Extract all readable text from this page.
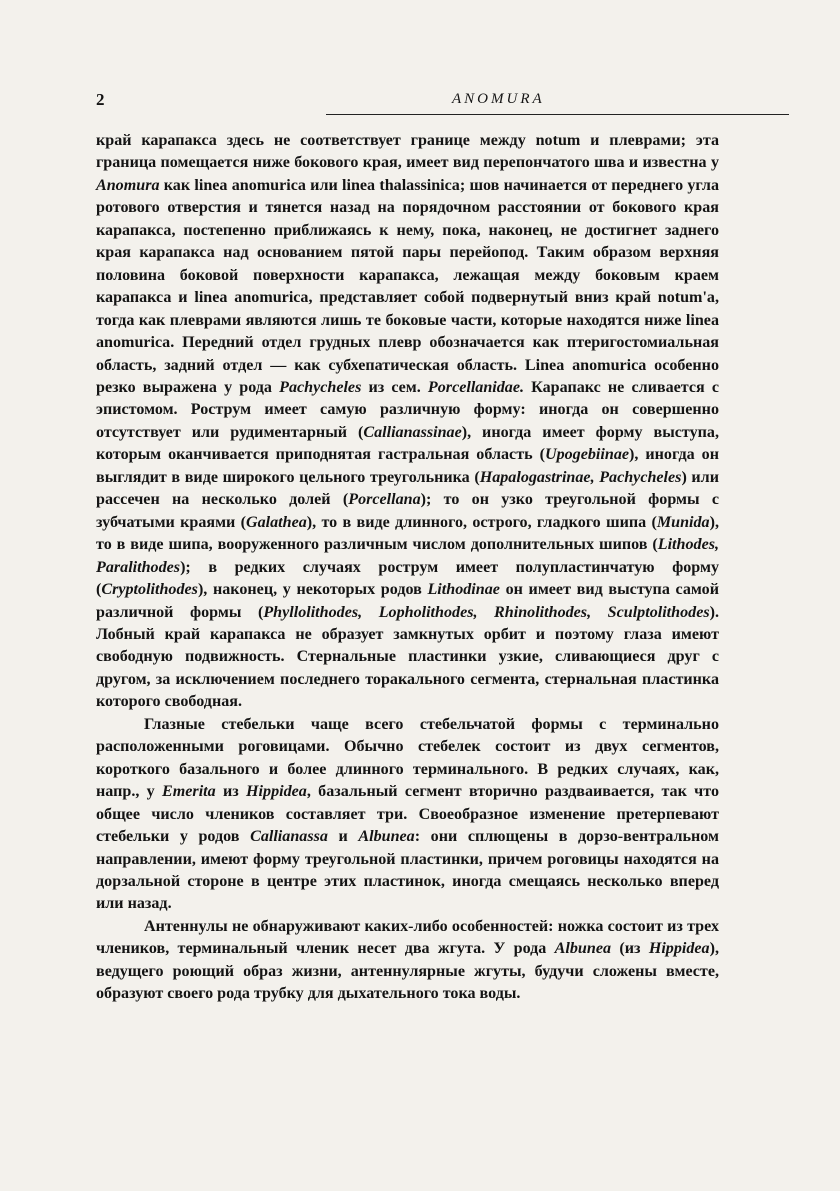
2	ANOMURA

край карапакса здесь не соответствует границе между notum и плеврами; эта граница помещается ниже бокового края, имеет вид перепончатого шва и известна у Anomura как linea anomurica или linea thalassinica; шов начинается от переднего угла ротового отверстия и тянется назад на порядочном расстоянии от бокового края карапакса, постепенно приближаясь к нему, пока, наконец, не достигнет заднего края карапакса над основанием пятой пары перейопод. Таким образом верхняя половина боковой поверхности карапакса, лежащая между боковым краем карапакса и linea anomurica, представляет собой подвернутый вниз край notum'а, тогда как плеврами являются лишь те боковые части, которые находятся ниже linea anomurica. Передний отдел грудных плевр обозначается как птеригостомиальная область, задний отдел — как субхепатическая область. Linea anomurica особенно резко выражена у рода Pachycheles из сем. Porcellanidae. Карапакс не сливается с эпистомом. Рострум имеет самую различную форму: иногда он совершенно отсутствует или рудиментарный (Callianassinae), иногда имеет форму выступа, которым оканчивается приподнятая гастральная область (Upogebiinae), иногда он выглядит в виде широкого цельного треугольника (Hapalogastrinae, Pachycheles) или рассечен на несколько долей (Porcellana); то он узко треугольной формы с зубчатыми краями (Galathea), то в виде длинного, острого, гладкого шипа (Munida), то в виде шипа, вооруженного различным числом дополнительных шипов (Lithodes, Paralithodes); в редких случаях рострум имеет полупластинчатую форму (Cryptolithodes), наконец, у некоторых родов Lithodinae он имеет вид выступа самой различной формы (Phyllolithodes, Lopholithodes, Rhinolithodes, Sculptolithodes). Лобный край карапакса не образует замкнутых орбит и поэтому глаза имеют свободную подвижность. Стернальные пластинки узкие, сливающиеся друг с другом, за исключением последнего торакального сегмента, стернальная пластинка которого свободная.

Глазные стебельки чаще всего стебельчатой формы с терминально расположенными роговицами. Обычно стебелек состоит из двух сегментов, короткого базального и более длинного терминального. В редких случаях, как, напр., у Emerita из Hippidea, базальный сегмент вторично раздваивается, так что общее число члеников составляет три. Своеобразное изменение претерпевают стебельки у родов Callianassa и Albunea: они сплющены в дорзо-вентральном направлении, имеют форму треугольной пластинки, причем роговицы находятся на дорзальной стороне в центре этих пластинок, иногда смещаясь несколько вперед или назад.

Антеннулы не обнаруживают каких-либо особенностей: ножка состоит из трех члеников, терминальный членик несет два жгута. У рода Albunea (из Hippidea), ведущего роющий образ жизни, антеннулярные жгуты, будучи сложены вместе, образуют своего рода трубку для дыхательного тока воды.
